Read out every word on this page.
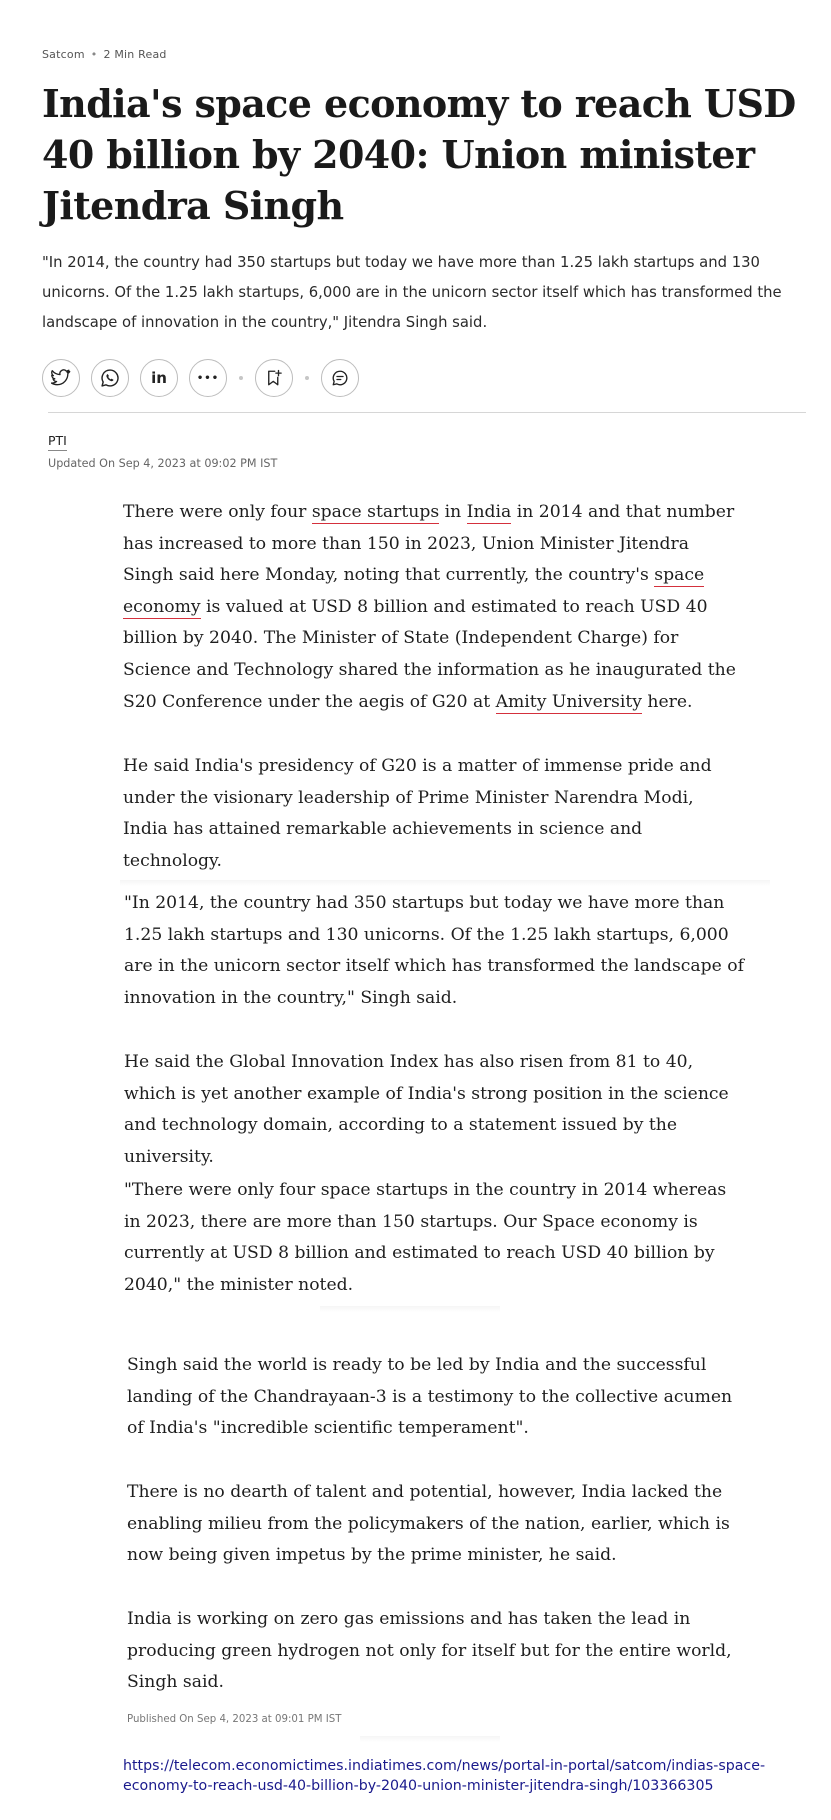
Satcom • 2 Min Read
India's space economy to reach USD 40 billion by 2040: Union minister Jitendra Singh

"In 2014, the country had 350 startups but today we have more than 1.25 lakh startups and 130 unicorns. Of the 1.25 lakh startups, 6,000 are in the unicorn sector itself which has transformed the landscape of innovation in the country," Jitendra Singh said.

in	•••
PTI
Updated On Sep 4, 2023 at 09:02 PM IST

There were only four space startups in India in 2014 and that number has increased to more than 150 in 2023, Union Minister Jitendra Singh said here Monday, noting that currently, the country's space economy is valued at USD 8 billion and estimated to reach USD 40 billion by 2040. The Minister of State (Independent Charge) for Science and Technology shared the information as he inaugurated the S20 Conference under the aegis of G20 at Amity University here.

He said India's presidency of G20 is a matter of immense pride and under the visionary leadership of Prime Minister Narendra Modi, India has attained remarkable achievements in science and technology.

"In 2014, the country had 350 startups but today we have more than 1.25 lakh startups and 130 unicorns. Of the 1.25 lakh startups, 6,000 are in the unicorn sector itself which has transformed the landscape of innovation in the country," Singh said.

He said the Global Innovation Index has also risen from 81 to 40, which is yet another example of India's strong position in the science and technology domain, according to a statement issued by the university.

"There were only four space startups in the country in 2014 whereas in 2023, there are more than 150 startups. Our Space economy is currently at USD 8 billion and estimated to reach USD 40 billion by 2040," the minister noted.

Singh said the world is ready to be led by India and the successful landing of the Chandrayaan-3 is a testimony to the collective acumen of India's "incredible scientific temperament".

There is no dearth of talent and potential, however, India lacked the enabling milieu from the policymakers of the nation, earlier, which is now being given impetus by the prime minister, he said.

India is working on zero gas emissions and has taken the lead in producing green hydrogen not only for itself but for the entire world, Singh said.

Published On Sep 4, 2023 at 09:01 PM IST

https://telecom.economictimes.indiatimes.com/news/portal-in-portal/satcom/indias-space-economy-to-reach-usd-40-billion-by-2040-union-minister-jitendra-singh/103366305
